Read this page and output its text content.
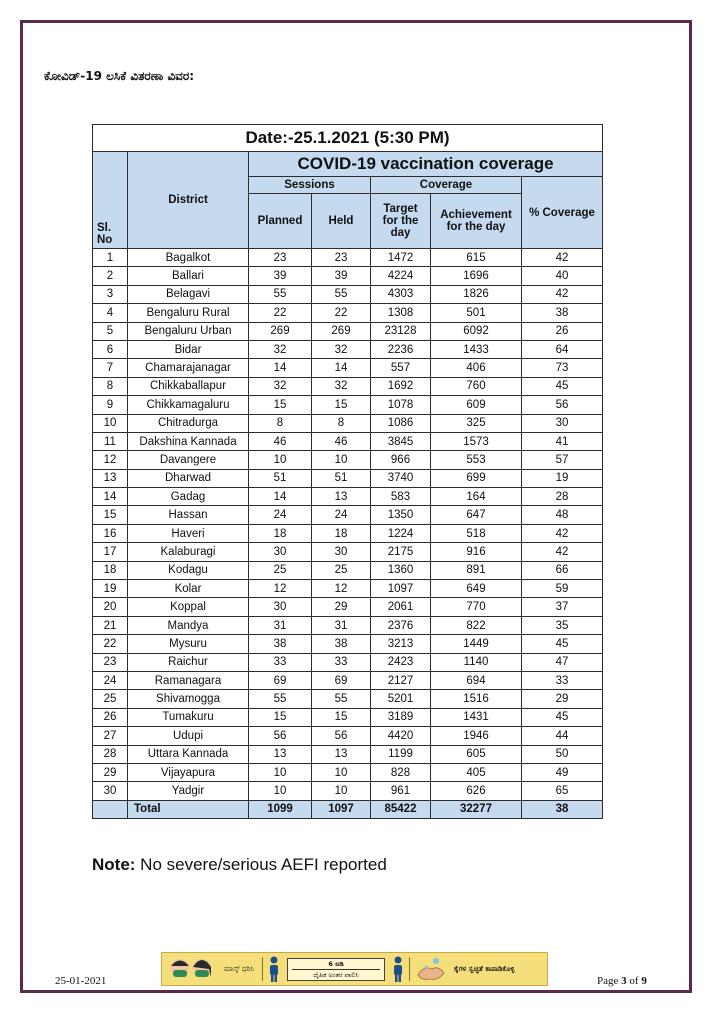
ಕೋವಿಡ್-19 ಲಸಿಕೆ ವಿತರಣಾ ವಿವರ:
Date:-25.1.2021 (5:30 PM)						
Sl. No	District	COVID-19 vaccination coverage				
		Sessions		Coverage		% Coverage
		Planned	Held	Target for the day	Achievement for the day	

1	Bagalkot	23	23	1472	615	42
2	Ballari	39	39	4224	1696	40
3	Belagavi	55	55	4303	1826	42
4	Bengaluru Rural	22	22	1308	501	38
5	Bengaluru Urban	269	269	23128	6092	26
6	Bidar	32	32	2236	1433	64
7	Chamarajanagar	14	14	557	406	73
8	Chikkaballapur	32	32	1692	760	45
9	Chikkamagaluru	15	15	1078	609	56
10	Chitradurga	8	8	1086	325	30
11	Dakshina Kannada	46	46	3845	1573	41
12	Davangere	10	10	966	553	57
13	Dharwad	51	51	3740	699	19
14	Gadag	14	13	583	164	28
15	Hassan	24	24	1350	647	48
16	Haveri	18	18	1224	518	42
17	Kalaburagi	30	30	2175	916	42
18	Kodagu	25	25	1360	891	66
19	Kolar	12	12	1097	649	59
20	Koppal	30	29	2061	770	37
21	Mandya	31	31	2376	822	35
22	Mysuru	38	38	3213	1449	45
23	Raichur	33	33	2423	1140	47
24	Ramanagara	69	69	2127	694	33
25	Shivamogga	55	55	5201	1516	29
26	Tumakuru	15	15	3189	1431	45
27	Udupi	56	56	4420	1946	44
28	Uttara Kannada	13	13	1199	605	50
29	Vijayapura	10	10	828	405	49
30	Yadgir	10	10	961	626	65
	Total	1099	1097	85422	32277	38
Note: No severe/serious AEFI reported
ಮಾಸ್ಕ್ ಧರಿಸಿ
6 ಅಡಿ
ದೈಹಿಕ ಅಂತರ ಪಾಲಿಸಿ
ಕೈಗಳ ಸ್ವಚ್ಛತೆ ಕಾಪಾಡಿಕೊಳ್ಳಿ
25-01-2021	Page 3 of 9
